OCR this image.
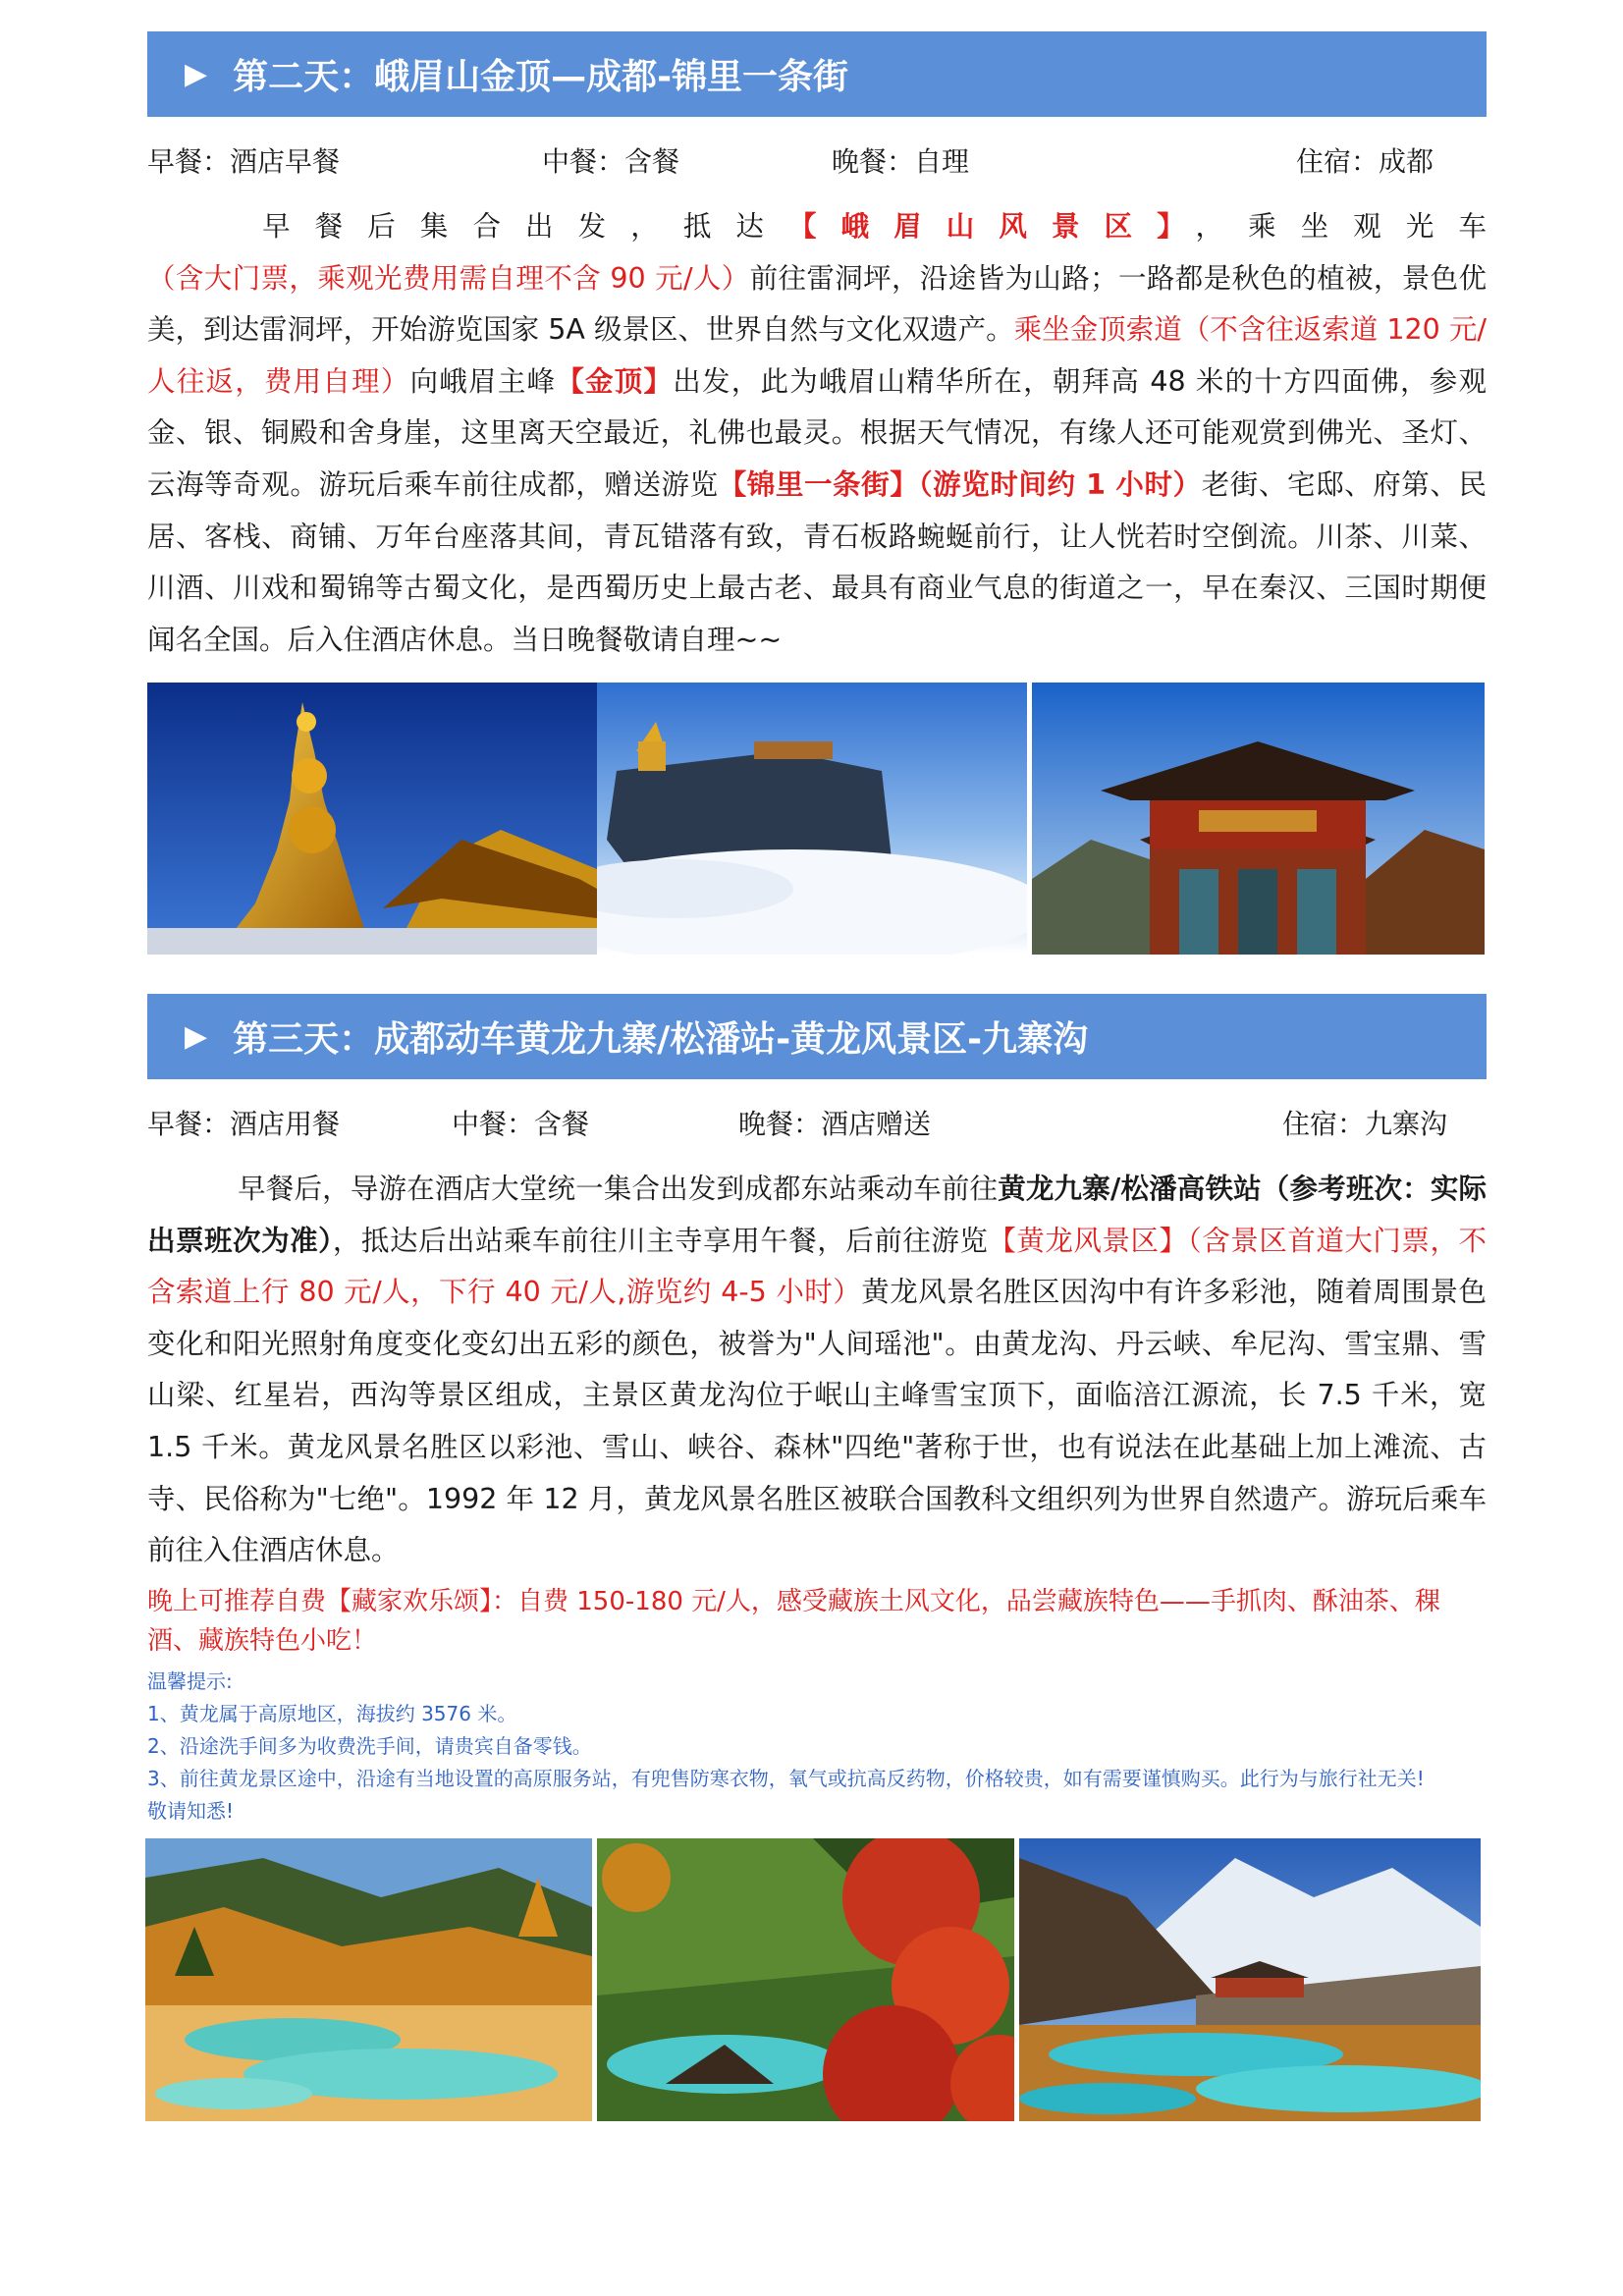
▶ 第二天：峨眉山金顶—成都-锦里一条街
早餐：酒店早餐	中餐：含餐	晚餐：自理	住宿：成都

早餐后集合出发，抵达【峨眉山风景区】，乘坐观光车（含大门票，乘观光费用需自理不含 90 元/人）前往雷洞坪，沿途皆为山路；一路都是秋色的植被，景色优美，到达雷洞坪，开始游览国家 5A 级景区、世界自然与文化双遗产。乘坐金顶索道（不含往返索道 120 元/人往返，费用自理）向峨眉主峰【金顶】出发，此为峨眉山精华所在，朝拜高 48 米的十方四面佛，参观金、银、铜殿和舍身崖，这里离天空最近，礼佛也最灵。根据天气情况，有缘人还可能观赏到佛光、圣灯、云海等奇观。游玩后乘车前往成都，赠送游览【锦里一条街】（游览时间约 1 小时）老街、宅邸、府第、民居、客栈、商铺、万年台座落其间，青瓦错落有致，青石板路蜿蜒前行，让人恍若时空倒流。川茶、川菜、川酒、川戏和蜀锦等古蜀文化，是西蜀历史上最古老、最具有商业气息的街道之一，早在秦汉、三国时期便闻名全国。后入住酒店休息。当日晚餐敬请自理~~

▶ 第三天：成都动车黄龙九寨/松潘站-黄龙风景区-九寨沟
早餐：酒店用餐	中餐：含餐	晚餐：酒店赠送	住宿：九寨沟

早餐后，导游在酒店大堂统一集合出发到成都东站乘动车前往黄龙九寨/松潘高铁站（参考班次：实际出票班次为准），抵达后出站乘车前往川主寺享用午餐，后前往游览【黄龙风景区】（含景区首道大门票，不含索道上行 80 元/人，下行 40 元/人,游览约 4-5 小时）黄龙风景名胜区因沟中有许多彩池，随着周围景色变化和阳光照射角度变化变幻出五彩的颜色，被誉为"人间瑶池"。由黄龙沟、丹云峡、牟尼沟、雪宝鼎、雪山梁、红星岩，西沟等景区组成，主景区黄龙沟位于岷山主峰雪宝顶下，面临涪江源流，长 7.5 千米，宽 1.5 千米。黄龙风景名胜区以彩池、雪山、峡谷、森林"四绝"著称于世，也有说法在此基础上加上滩流、古寺、民俗称为"七绝"。1992 年 12 月，黄龙风景名胜区被联合国教科文组织列为世界自然遗产。游玩后乘车前往入住酒店休息。

晚上可推荐自费【藏家欢乐颂】：自费 150-180 元/人，感受藏族土风文化，品尝藏族特色——手抓肉、酥油茶、稞酒、藏族特色小吃！

温馨提示:
1、黄龙属于高原地区，海拔约 3576 米。
2、沿途洗手间多为收费洗手间，请贵宾自备零钱。
3、前往黄龙景区途中，沿途有当地设置的高原服务站，有兜售防寒衣物，氧气或抗高反药物，价格较贵，如有需要谨慎购买。此行为与旅行社无关!
敬请知悉!
